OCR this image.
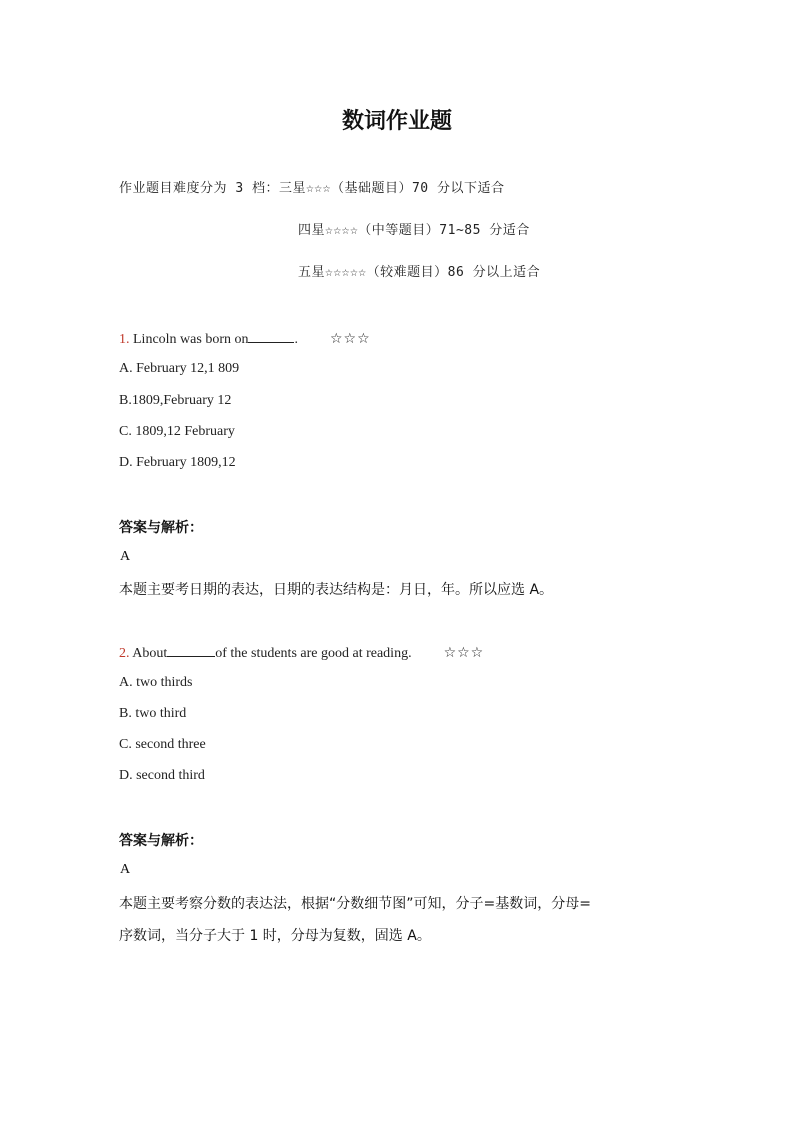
数词作业题
作业题目难度分为 3 档：三星☆☆☆（基础题目）70 分以下适合
四星☆☆☆☆（中等题目）71~85 分适合
五星☆☆☆☆☆（较难题目）86 分以上适合
1. Lincoln was born on	. ☆☆☆
A. February 12,1 809
B.1809,February 12
C. 1809,12 February
D. February 1809,12
答案与解析：
A
本题主要考日期的表达，日期的表达结构是：月日，年。所以应选 A。
2. About	of the students are good at reading. ☆☆☆
A. two thirds
B. two third
C. second three
D. second third
答案与解析：
A
本题主要考察分数的表达法，根据“分数细节图”可知，分子=基数词，分母=
序数词，当分子大于 1 时，分母为复数，固选 A。
